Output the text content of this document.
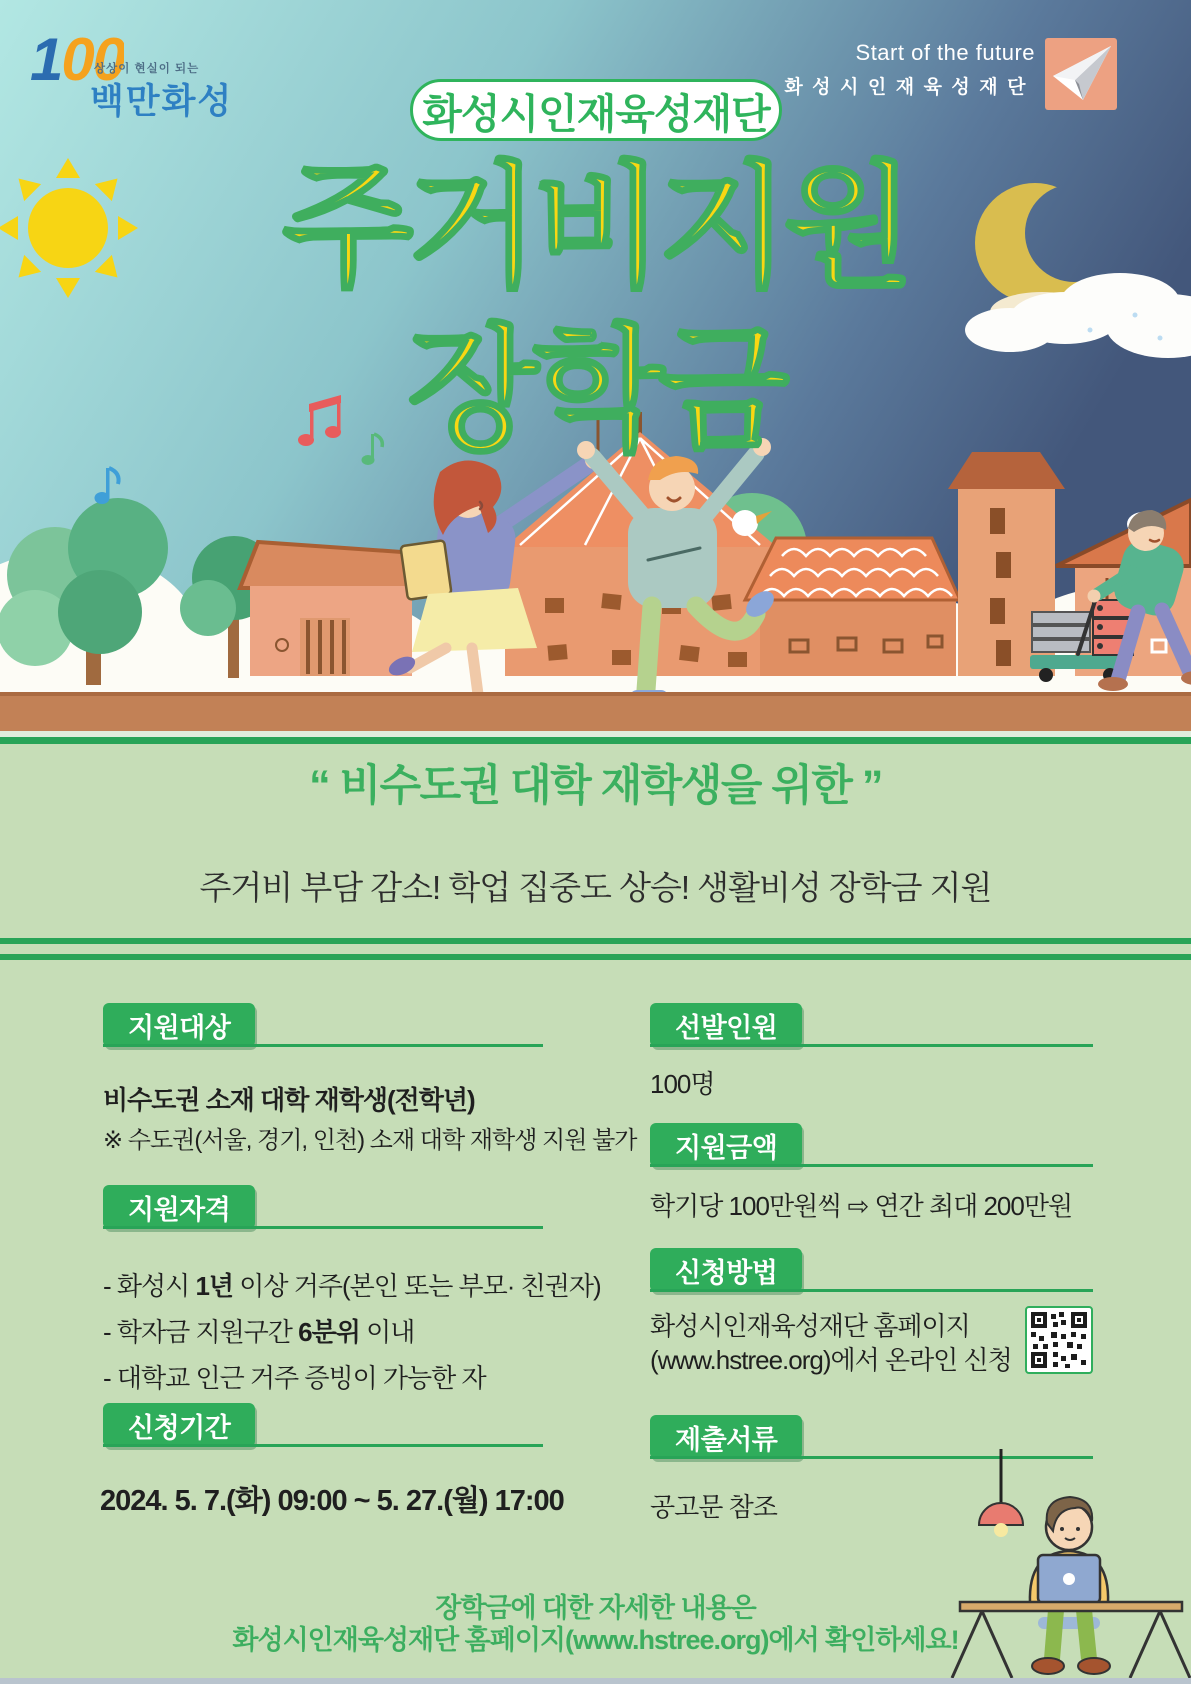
100
상상이 현실이 되는
백만화성
Start of the future
화성시인재육성재단
화성시인재육성재단
주거비지원
장학금
“ 비수도권 대학 재학생을 위한 ”
주거비 부담 감소! 학업 집중도 상승! 생활비성 장학금 지원
지원대상
비수도권 소재 대학 재학생(전학년)
※ 수도권(서울, 경기, 인천) 소재 대학 재학생 지원 불가
지원자격

- 화성시 1년 이상 거주(본인 또는 부모· 친권자)

- 학자금 지원구간 6분위 이내

- 대학교 인근 거주 증빙이 가능한 자

신청기간
2024. 5. 7.(화) 09:00 ~ 5. 27.(월) 17:00
선발인원
100명
지원금액
학기당 100만원씩 ⇨ 연간 최대 200만원
신청방법
화성시인재육성재단 홈페이지
(www.hstree.org)에서 온라인 신청
제출서류
공고문 참조
장학금에 대한 자세한 내용은
화성시인재육성재단 홈페이지(www.hstree.org)에서 확인하세요!
